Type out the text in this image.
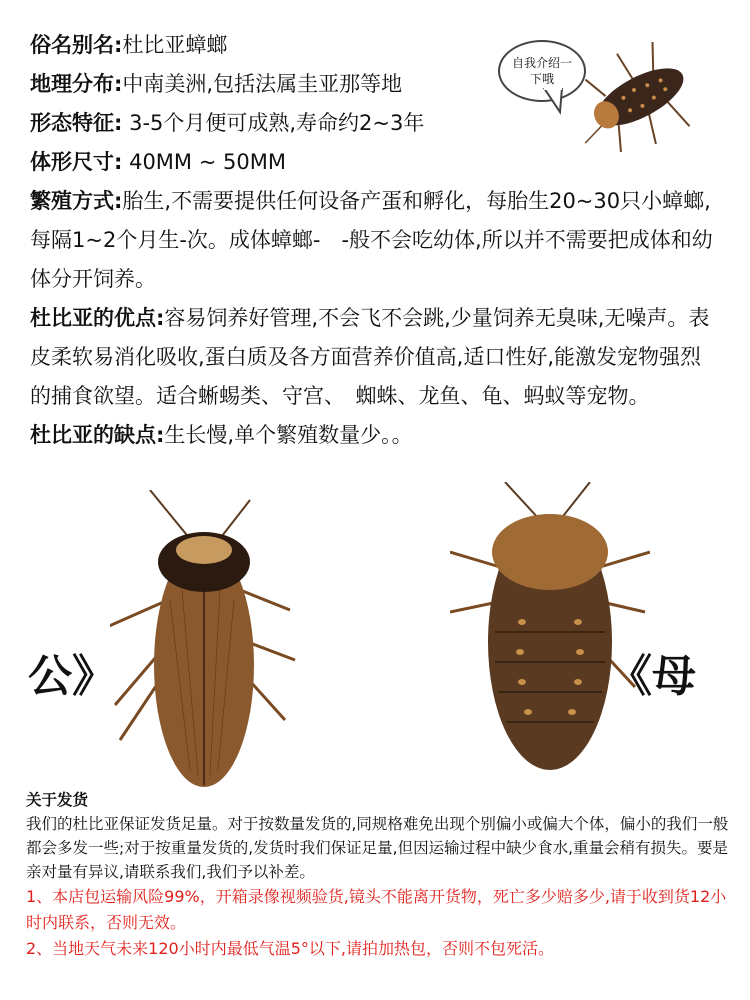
俗名别名:杜比亚蟑螂

地理分布:中南美洲,包括法属圭亚那等地

形态特征: 3-5个月便可成熟,寿命约2~3年

体形尺寸: 40MM ~ 50MM

繁殖方式:胎生,不需要提供任何设备产蛋和孵化，每胎生20~30只小蟑螂,每隔1~2个月生-次。成体蟑螂-　-般不会吃幼体,所以并不需要把成体和幼体分开饲养。

杜比亚的优点:容易饲养好管理,不会飞不会跳,少量饲养无臭味,无噪声。表皮柔软易消化吸收,蛋白质及各方面营养价值高,适口性好,能激发宠物强烈的捕食欲望。适合蜥蜴类、守宫、　蜘蛛、龙鱼、龟、蚂蚁等宠物。

杜比亚的缺点:生长慢,单个繁殖数量少。。

自我介绍一下哦
公》	《母

关于发货

我们的杜比亚保证发货足量。对于按数量发货的,同规格难免出现个别偏小或偏大个体，偏小的我们一般都会多发一些;对于按重量发货的,发货时我们保证足量,但因运输过程中缺少食水,重量会稍有损失。要是亲对量有异议,请联系我们,我们予以补差。

1、本店包运输风险99%，开箱录像视频验货,镜头不能离开货物，死亡多少赔多少,请于收到货12小时内联系，否则无效。

2、当地天气未来120小时内最低气温5°以下,请拍加热包，否则不包死活。
